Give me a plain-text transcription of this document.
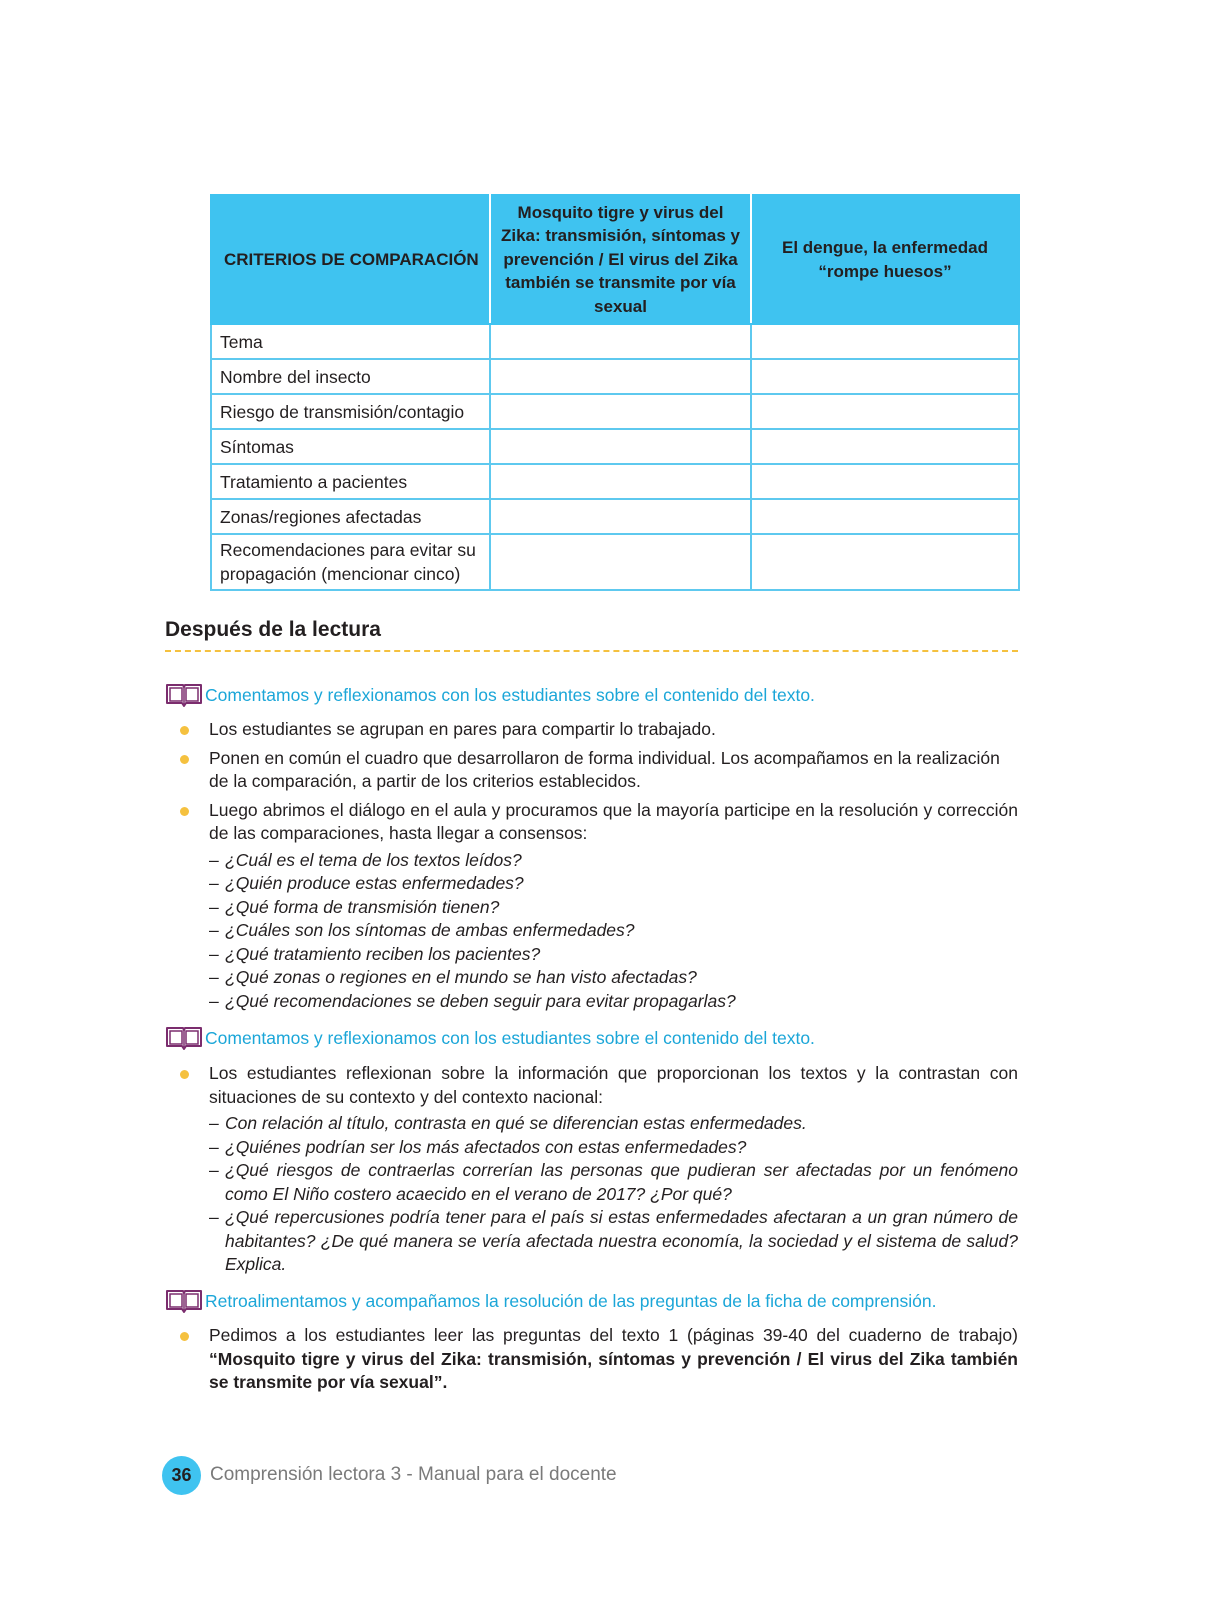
CRITERIOS DE COMPARACIÓN	Mosquito tigre y virus del Zika: transmisión, síntomas y prevención / El virus del Zika también se transmite por vía sexual	El dengue, la enfermedad “rompe huesos”
Tema		
Nombre del insecto		
Riesgo de transmisión/contagio		
Síntomas		
Tratamiento a pacientes		
Zonas/regiones afectadas		
Recomendaciones para evitar su propagación (mencionar cinco)		
Después de la lectura
Comentamos y reflexionamos con los estudiantes sobre el contenido del texto.
Los estudiantes se agrupan en pares para compartir lo trabajado.
Ponen en común el cuadro que desarrollaron de forma individual. Los acompañamos en la realización de la comparación, a partir de los criterios establecidos.
Luego abrimos el diálogo en el aula y procuramos que la mayoría participe en la resolución y corrección de las comparaciones, hasta llegar a consensos:
– ¿Cuál es el tema de los textos leídos?
– ¿Quién produce estas enfermedades?
– ¿Qué forma de transmisión tienen?
– ¿Cuáles son los síntomas de ambas enfermedades?
– ¿Qué tratamiento reciben los pacientes?
– ¿Qué zonas o regiones en el mundo se han visto afectadas?
– ¿Qué recomendaciones se deben seguir para evitar propagarlas?
Comentamos y reflexionamos con los estudiantes sobre el contenido del texto.
Los estudiantes reflexionan sobre la información que proporcionan los textos y la contrastan con situaciones de su contexto y del contexto nacional:
– Con relación al título, contrasta en qué se diferencian estas enfermedades.
– ¿Quiénes podrían ser los más afectados con estas enfermedades?
– ¿Qué riesgos de contraerlas correrían las personas que pudieran ser afectadas por un fenómeno como El Niño costero acaecido en el verano de 2017? ¿Por qué?
– ¿Qué repercusiones podría tener para el país si estas enfermedades afectaran a un gran número de habitantes? ¿De qué manera se vería afectada nuestra economía, la sociedad y el sistema de salud? Explica.
Retroalimentamos y acompañamos la resolución de las preguntas de la ficha de comprensión.
Pedimos a los estudiantes leer las preguntas del texto 1 (páginas 39-40 del cuaderno de trabajo) “Mosquito tigre y virus del Zika: transmisión, síntomas y prevención / El virus del Zika también se transmite por vía sexual”.
36 Comprensión lectora 3 - Manual para el docente
